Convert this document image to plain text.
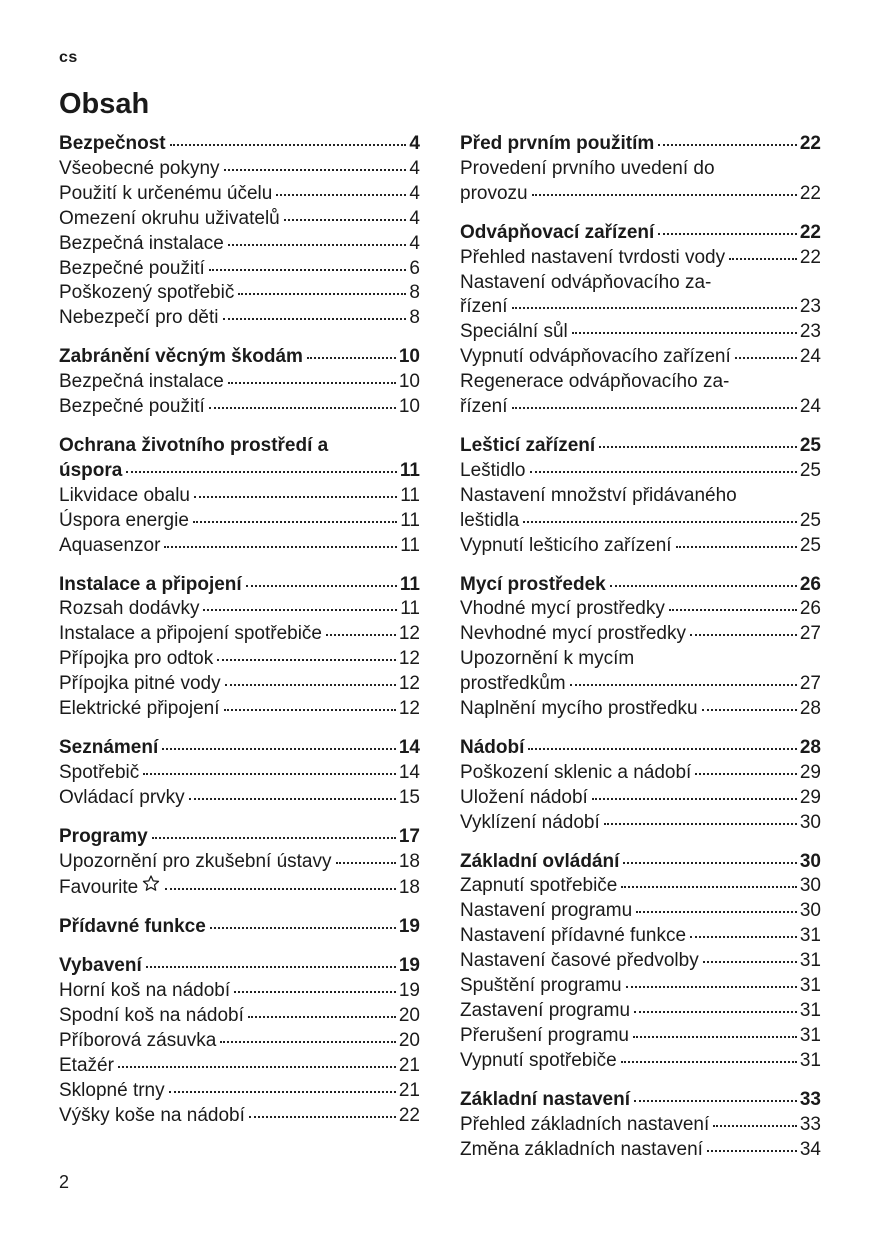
cs
Obsah
Bezpečnost	4
Všeobecné pokyny	4
Použití k určenému účelu	4
Omezení okruhu uživatelů	4
Bezpečná instalace	4
Bezpečné použití	6
Poškozený spotřebič	8
Nebezpečí pro děti	8
Zabránění věcným škodám	10
Bezpečná instalace	10
Bezpečné použití	10
Ochrana životního prostředí a
úspora	11
Likvidace obalu	11
Úspora energie	11
Aquasenzor	11
Instalace a připojení	11
Rozsah dodávky	11
Instalace a připojení spotřebiče	12
Přípojka pro odtok	12
Přípojka pitné vody	12
Elektrické připojení	12
Seznámení	14
Spotřebič	14
Ovládací prvky	15
Programy	17
Upozornění pro zkušební ústavy	18
Favourite	18
Přídavné funkce	19
Vybavení	19
Horní koš na nádobí	19
Spodní koš na nádobí	20
Příborová zásuvka	20
Etažér	21
Sklopné trny	21
Výšky koše na nádobí	22
Před prvním použitím	22
Provedení prvního uvedení do
provozu	22
Odvápňovací zařízení	22
Přehled nastavení tvrdosti vody	22
Nastavení odvápňovacího za-
řízení	23
Speciální sůl	23
Vypnutí odvápňovacího zařízení	24
Regenerace odvápňovacího za-
řízení	24
Lešticí zařízení	25
Leštidlo	25
Nastavení množství přidávaného
leštidla	25
Vypnutí lešticího zařízení	25
Mycí prostředek	26
Vhodné mycí prostředky	26
Nevhodné mycí prostředky	27
Upozornění k mycím
prostředkům	27
Naplnění mycího prostředku	28
Nádobí	28
Poškození sklenic a nádobí	29
Uložení nádobí	29
Vyklízení nádobí	30
Základní ovládání	30
Zapnutí spotřebiče	30
Nastavení programu	30
Nastavení přídavné funkce	31
Nastavení časové předvolby	31
Spuštění programu	31
Zastavení programu	31
Přerušení programu	31
Vypnutí spotřebiče	31
Základní nastavení	33
Přehled základních nastavení	33
Změna základních nastavení	34
2
